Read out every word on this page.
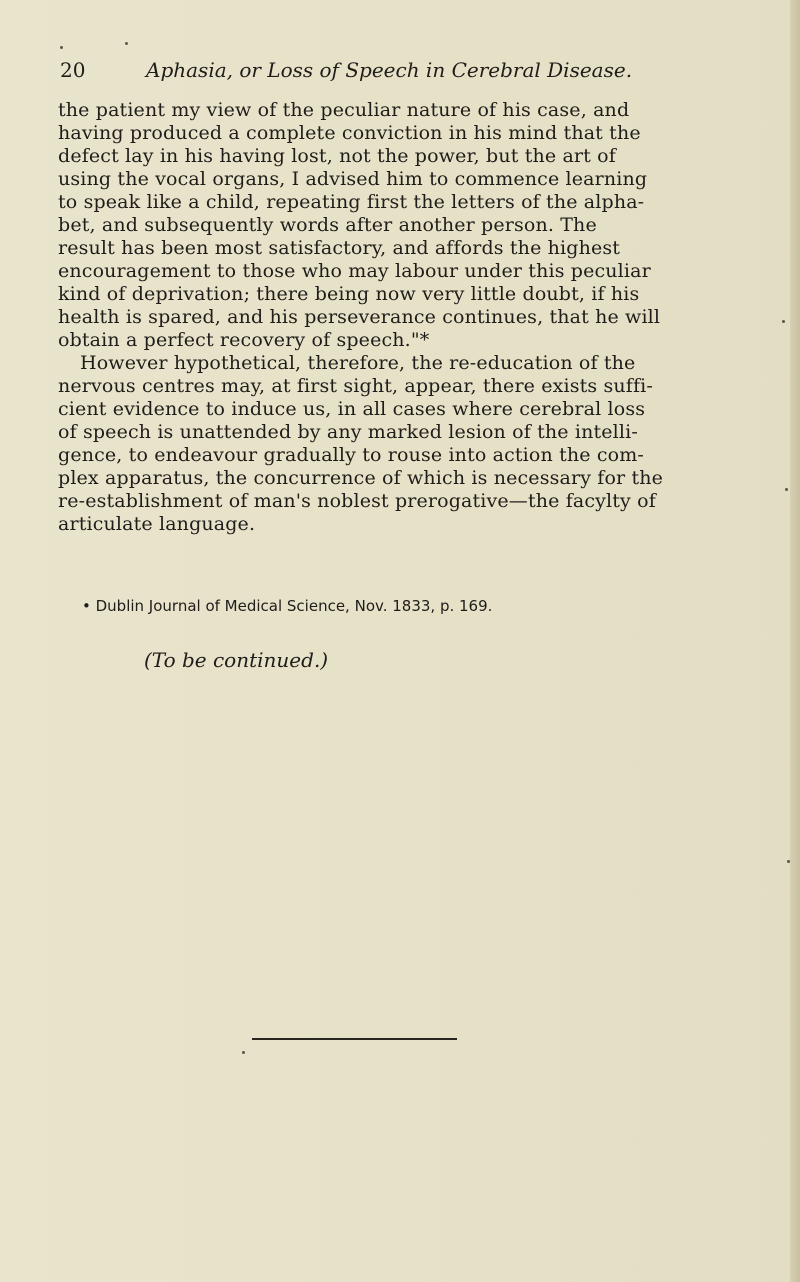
20	Aphasia, or Loss of Speech in Cerebral Disease.
the patient my view of the peculiar nature of his case, and
having produced a complete conviction in his mind that the
defect lay in his having lost, not the power, but the art of
using the vocal organs, I advised him to commence learning
to speak like a child, repeating first the letters of the alpha-
bet, and subsequently words after another person. The
result has been most satisfactory, and affords the highest
encouragement to those who may labour under this peculiar
kind of deprivation; there being now very little doubt, if his
health is spared, and his perseverance continues, that he will
obtain a perfect recovery of speech."*
However hypothetical, therefore, the re-education of the
nervous centres may, at first sight, appear, there exists suffi-
cient evidence to induce us, in all cases where cerebral loss
of speech is unattended by any marked lesion of the intelli-
gence, to endeavour gradually to rouse into action the com-
plex apparatus, the concurrence of which is necessary for the
re-establishment of man's noblest prerogative—the facylty of
articulate language.
• Dublin Journal of Medical Science, Nov. 1833, p. 169.
(To be continued.)
